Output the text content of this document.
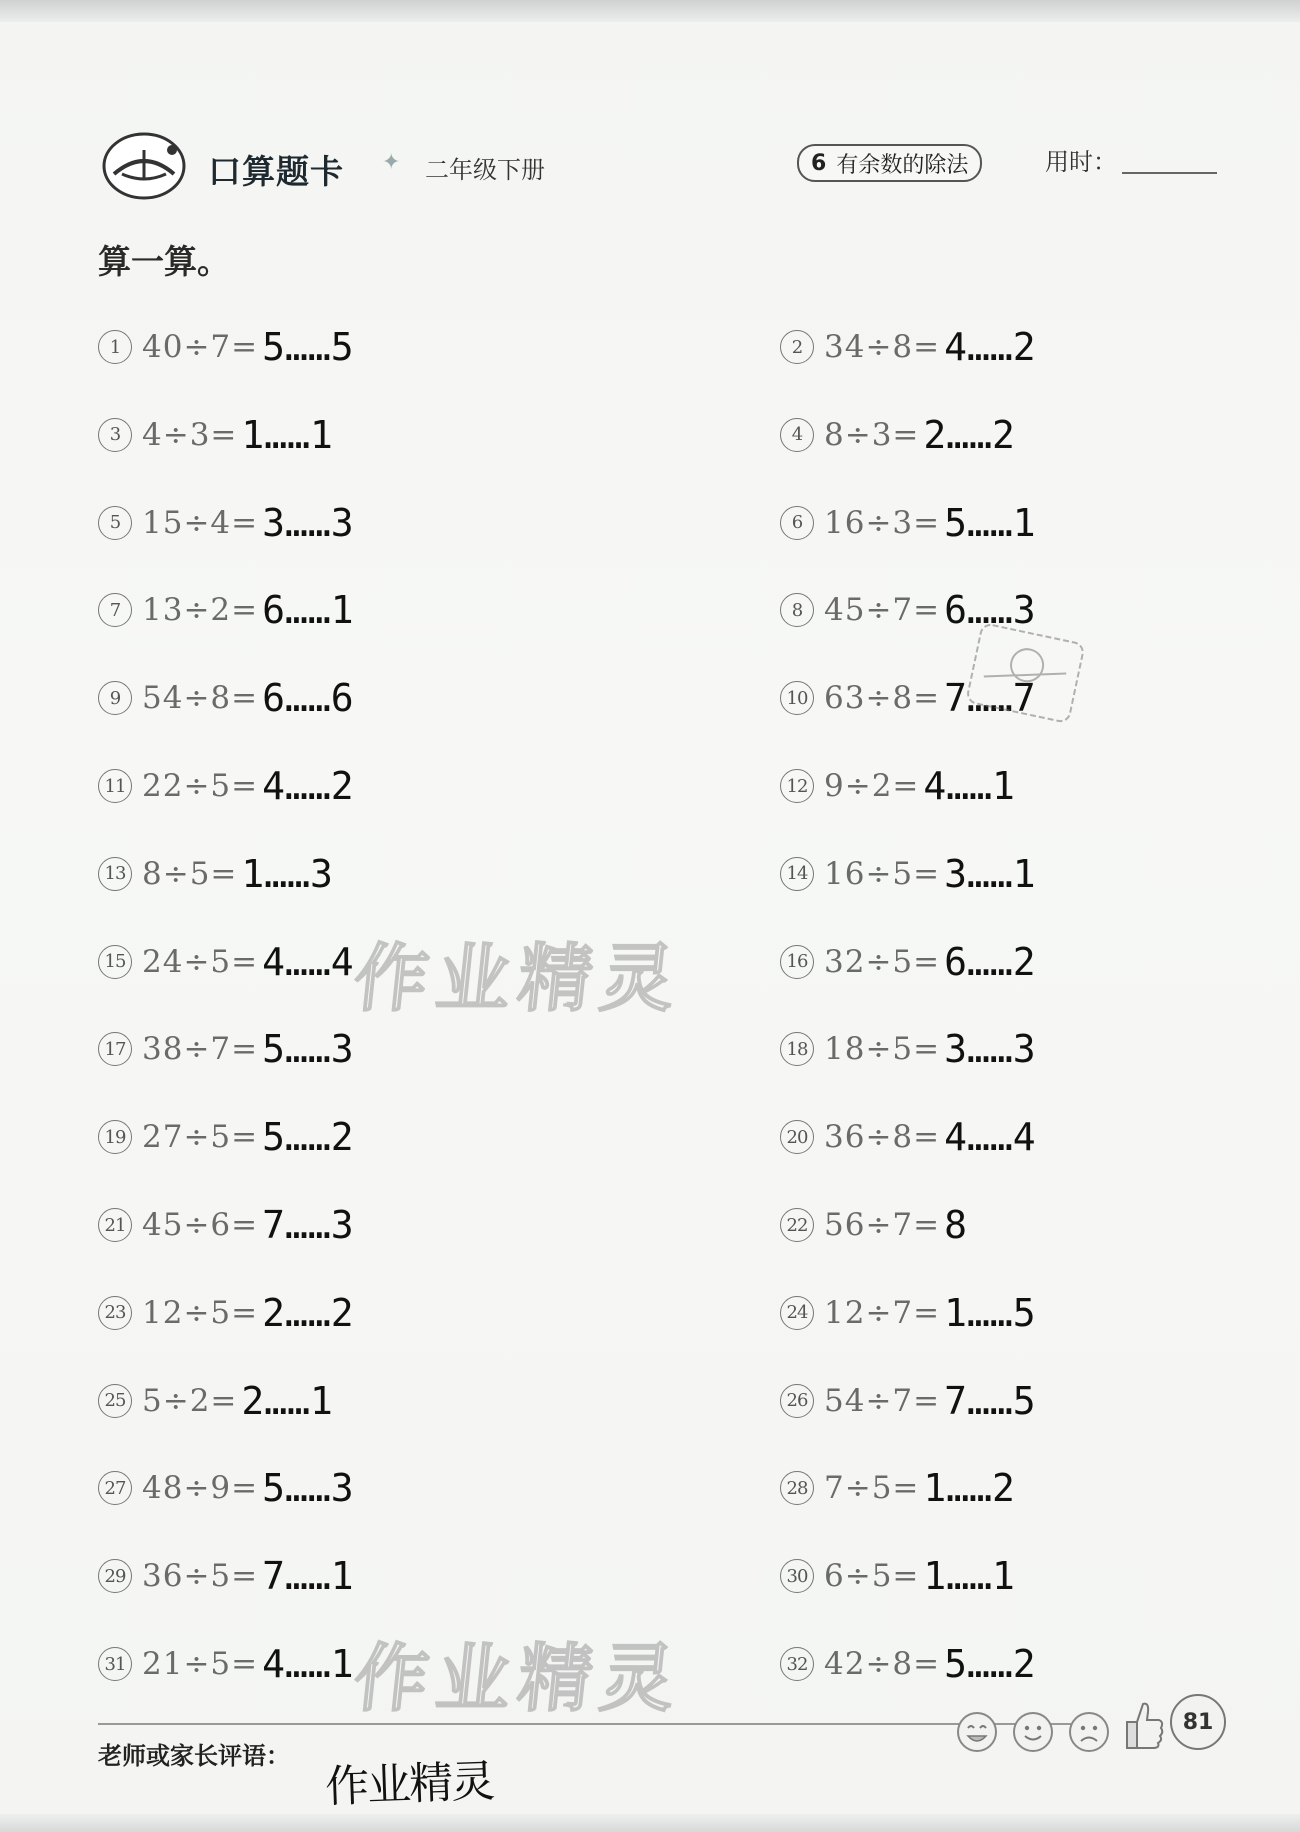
口算题卡 ✦ 二年级下册	6 有余数的除法	用时：
算一算。
1 40÷7= 5……5	2 34÷8= 4……2
3 4÷3= 1……1	4 8÷3= 2……2
5 15÷4= 3……3	6 16÷3= 5……1
7 13÷2= 6……1	8 45÷7= 6……3
9 54÷8= 6……6	10 63÷8= 7……7
11 22÷5= 4……2	12 9÷2= 4……1
13 8÷5= 1……3	14 16÷5= 3……1
15 24÷5= 4……4	16 32÷5= 6……2
17 38÷7= 5……3	18 18÷5= 3……3
19 27÷5= 5……2	20 36÷8= 4……4
21 45÷6= 7……3	22 56÷7= 8
23 12÷5= 2……2	24 12÷7= 1……5
25 5÷2= 2……1	26 54÷7= 7……5
27 48÷9= 5……3	28 7÷5= 1……2
29 36÷5= 7……1	30 6÷5= 1……1
31 21÷5= 4……1	32 42÷8= 5……2
作业精灵
作业精灵
老师或家长评语：
作业精灵
81
